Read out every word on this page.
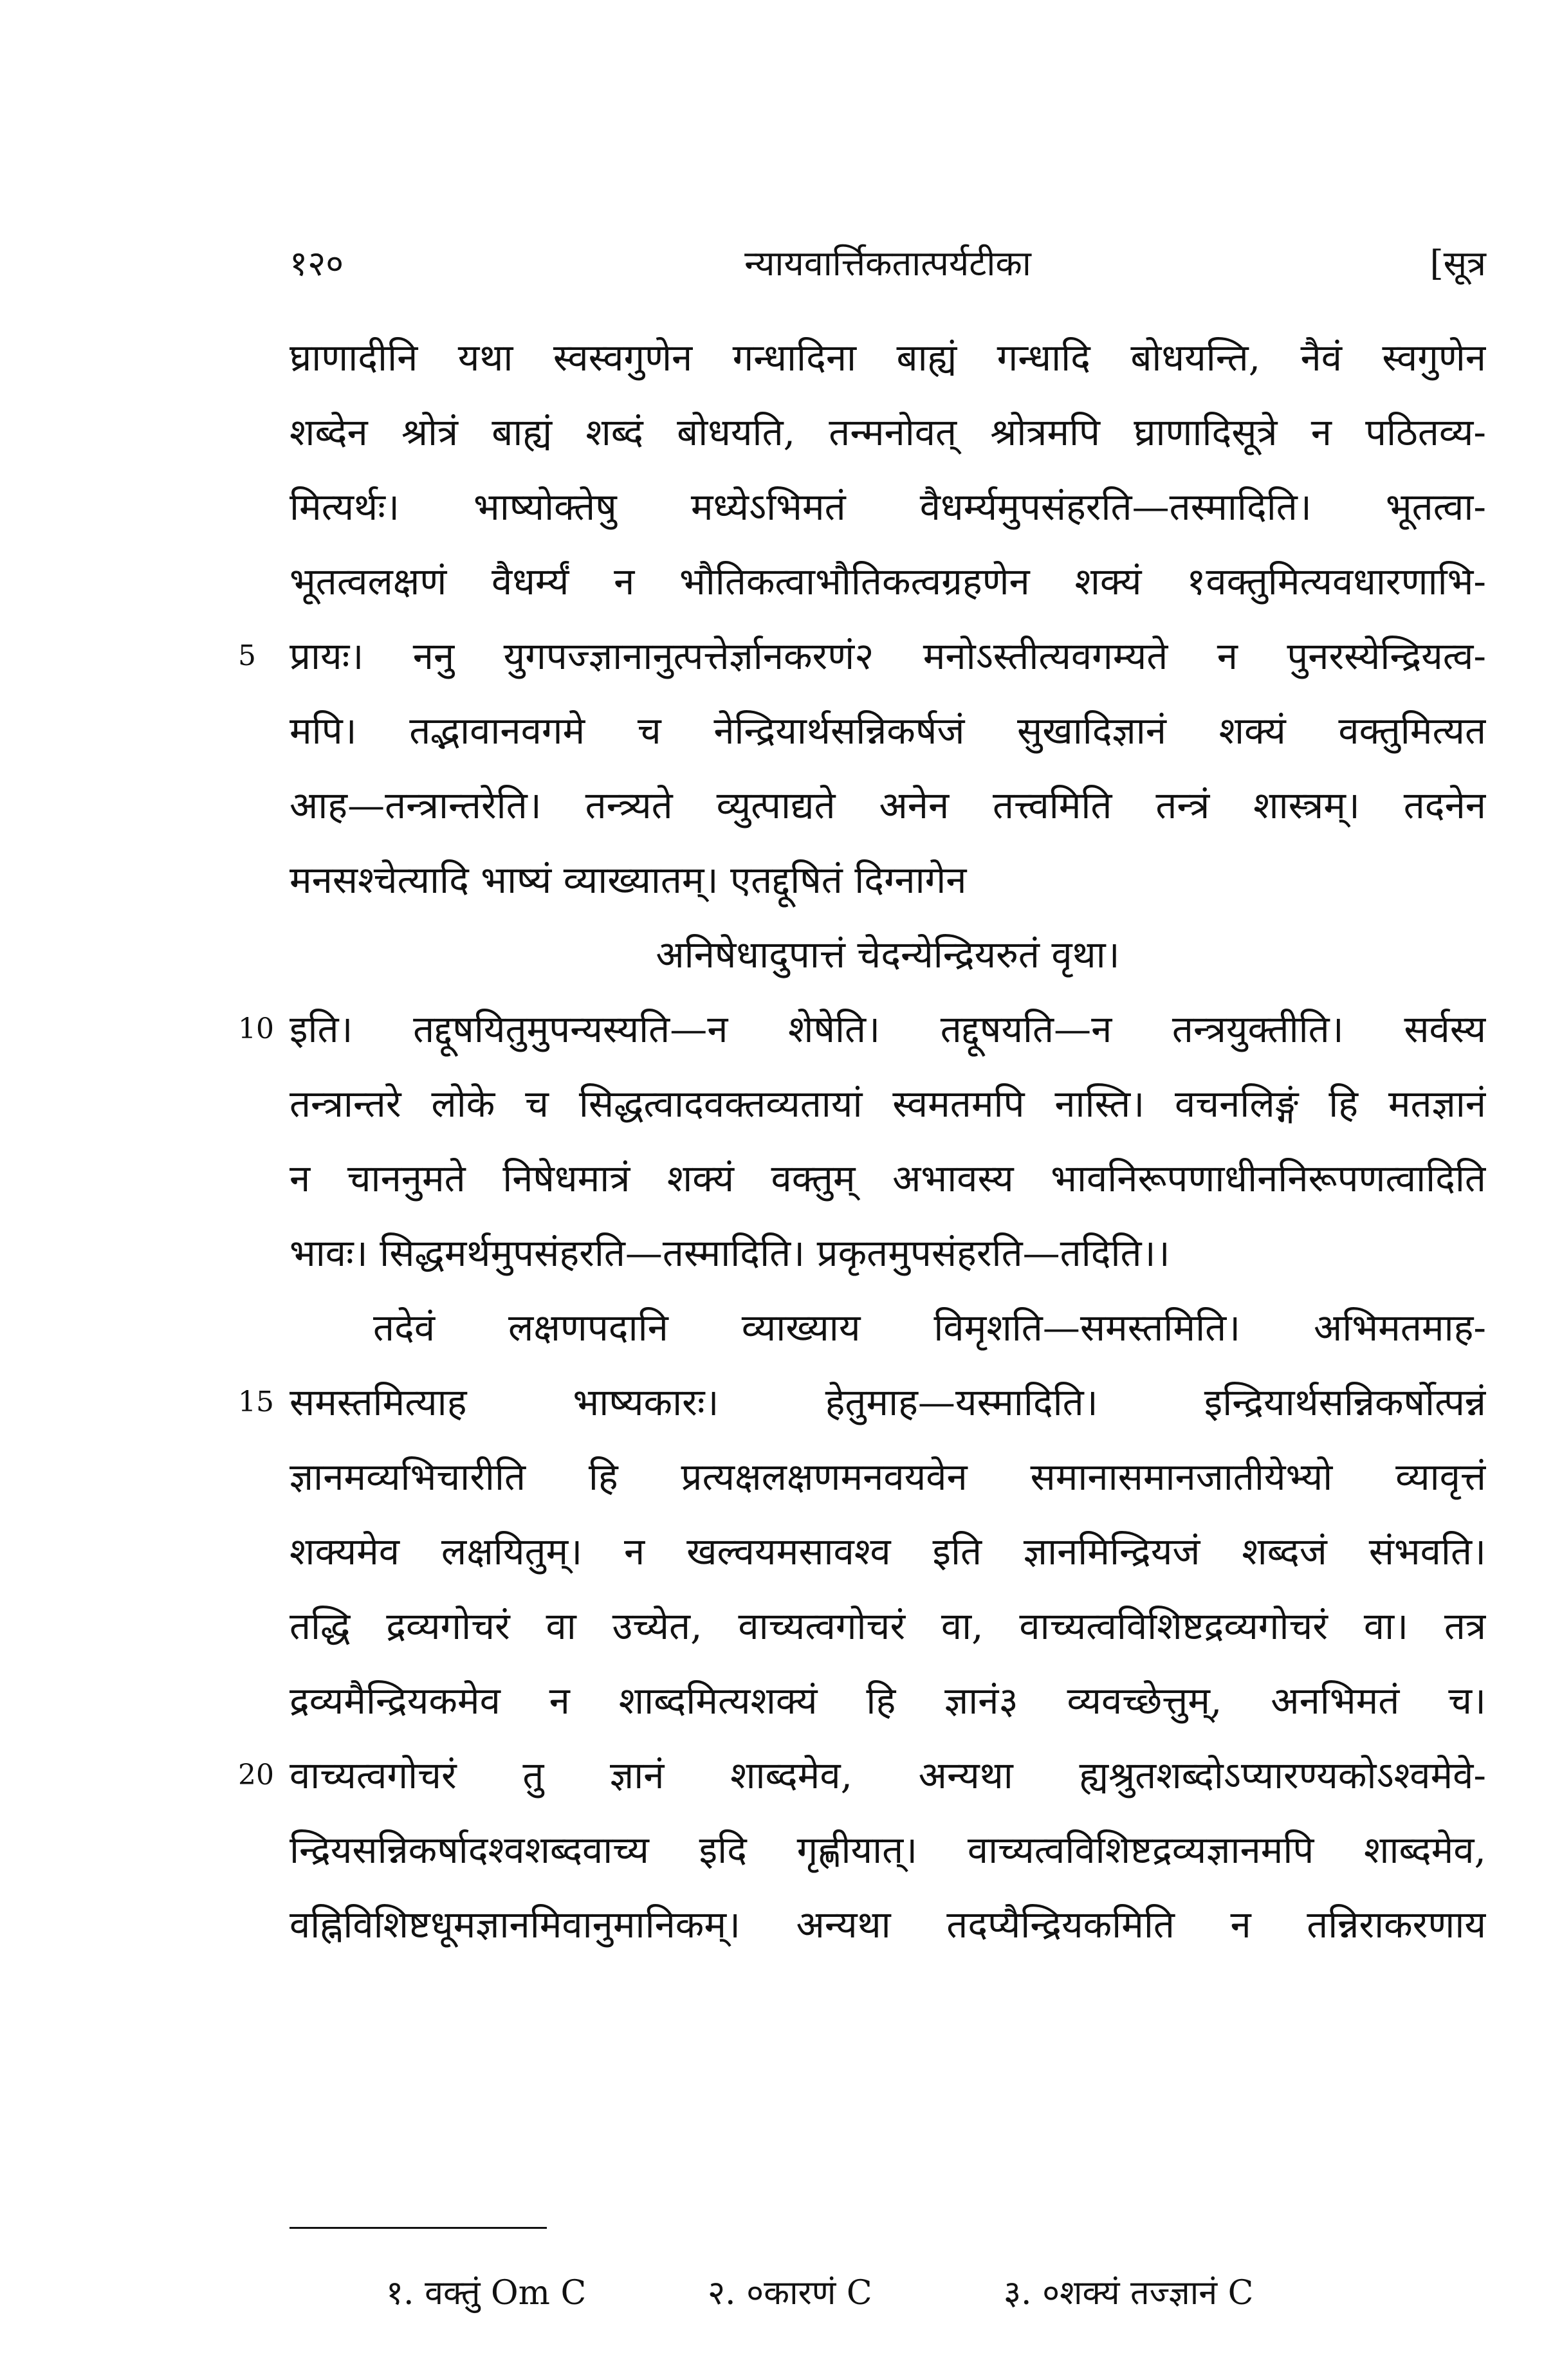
१२०	न्यायवार्त्तिकतात्पर्यटीका	[सूत्र
घ्राणादीनि यथा स्वस्वगुणेन गन्धादिना बाह्यं गन्धादि बोधयन्ति, नैवं स्वगुणेन
शब्देन श्रोत्रं बाह्यं शब्दं बोधयति, तन्मनोवत् श्रोत्रमपि घ्राणादिसूत्रे न पठितव्य-
मित्यर्थः। भाष्योक्तेषु मध्येऽभिमतं वैधर्म्यमुपसंहरति—तस्मादिति। भूतत्वा-
भूतत्वलक्षणं वैधर्म्यं न भौतिकत्वाभौतिकत्वग्रहणेन शक्यं १वक्तुमित्यवधारणाभि-
प्रायः। ननु युगपज्ज्ञानानुत्पत्तेर्ज्ञानकरणं२ मनोऽस्तीत्यवगम्यते न पुनरस्येन्द्रियत्व-
मपि। तद्भावानवगमे च नेन्द्रियार्थसन्निकर्षजं सुखादिज्ञानं शक्यं वक्तुमित्यत
आह—तन्त्रान्तरेति। तन्त्र्यते व्युत्पाद्यते अनेन तत्त्वमिति तन्त्रं शास्त्रम्। तदनेन
मनसश्चेत्यादि भाष्यं व्याख्यातम्। एतद्दूषितं दिग्नागेन
अनिषेधादुपात्तं चेदन्येन्द्रियरुतं वृथा।
इति। तद्दूषयितुमुपन्यस्यति—न शेषेति। तद्दूषयति—न तन्त्रयुक्तीति। सर्वस्य
तन्त्रान्तरे लोके च सिद्धत्वादवक्तव्यतायां स्वमतमपि नास्ति। वचनलिङ्गं हि मतज्ञानं
न चाननुमते निषेधमात्रं शक्यं वक्तुम् अभावस्य भावनिरूपणाधीननिरूपणत्वादिति
भावः। सिद्धमर्थमुपसंहरति—तस्मादिति। प्रकृतमुपसंहरति—तदिति।।
तदेवं लक्षणपदानि व्याख्याय विमृशति—समस्तमिति। अभिमतमाह-
समस्तमित्याह भाष्यकारः। हेतुमाह—यस्मादिति। इन्द्रियार्थसन्निकर्षोत्पन्नं
ज्ञानमव्यभिचारीति हि प्रत्यक्षलक्षणमनवयवेन समानासमानजातीयेभ्यो व्यावृत्तं
शक्यमेव लक्षयितुम्। न खल्वयमसावश्व इति ज्ञानमिन्द्रियजं शब्दजं संभवति।
तद्धि द्रव्यगोचरं वा उच्येत, वाच्यत्वगोचरं वा, वाच्यत्वविशिष्टद्रव्यगोचरं वा। तत्र
द्रव्यमैन्द्रियकमेव न शाब्दमित्यशक्यं हि ज्ञानं३ व्यवच्छेत्तुम्, अनभिमतं च।
वाच्यत्वगोचरं तु ज्ञानं शाब्दमेव, अन्यथा ह्यश्रुतशब्दोऽप्यारण्यकोऽश्वमेवे-
न्द्रियसन्निकर्षादश्वशब्दवाच्य इदि गृह्णीयात्। वाच्यत्वविशिष्टद्रव्यज्ञानमपि शाब्दमेव,
वह्निविशिष्टधूमज्ञानमिवानुमानिकम्। अन्यथा तदप्यैन्द्रियकमिति न तन्निराकरणाय
5
10
15
20
१. वक्तुं Om C	२. ०कारणं C	३. ०शक्यं तज्ज्ञानं C
